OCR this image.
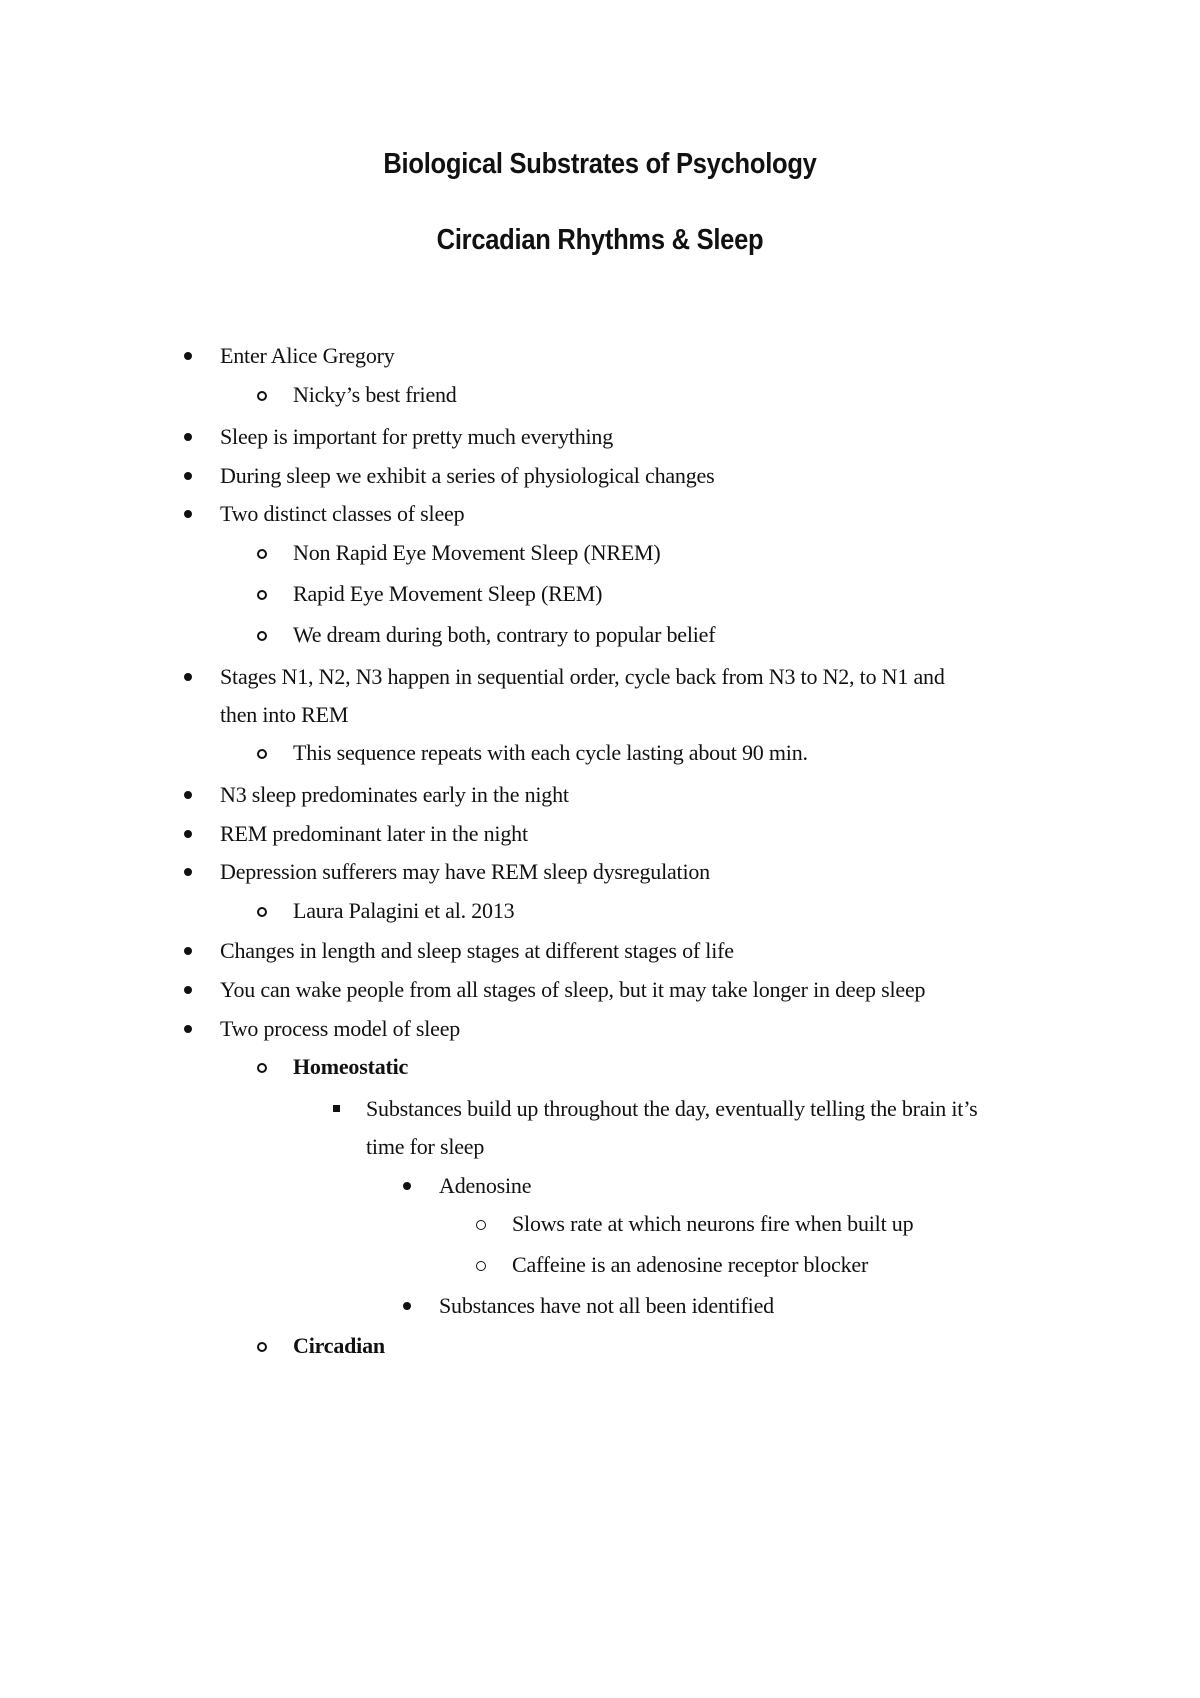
Biological Substrates of Psychology
Circadian Rhythms & Sleep
Enter Alice Gregory
Nicky’s best friend
Sleep is important for pretty much everything
During sleep we exhibit a series of physiological changes
Two distinct classes of sleep
Non Rapid Eye Movement Sleep (NREM)
Rapid Eye Movement Sleep (REM)
We dream during both, contrary to popular belief
Stages N1, N2, N3 happen in sequential order, cycle back from N3 to N2, to N1 and
then into REM
This sequence repeats with each cycle lasting about 90 min.
N3 sleep predominates early in the night
REM predominant later in the night
Depression sufferers may have REM sleep dysregulation
Laura Palagini et al. 2013
Changes in length and sleep stages at different stages of life
You can wake people from all stages of sleep, but it may take longer in deep sleep
Two process model of sleep
Homeostatic
Substances build up throughout the day, eventually telling the brain it’s
time for sleep
Adenosine
Slows rate at which neurons fire when built up
Caffeine is an adenosine receptor blocker
Substances have not all been identified
Circadian
